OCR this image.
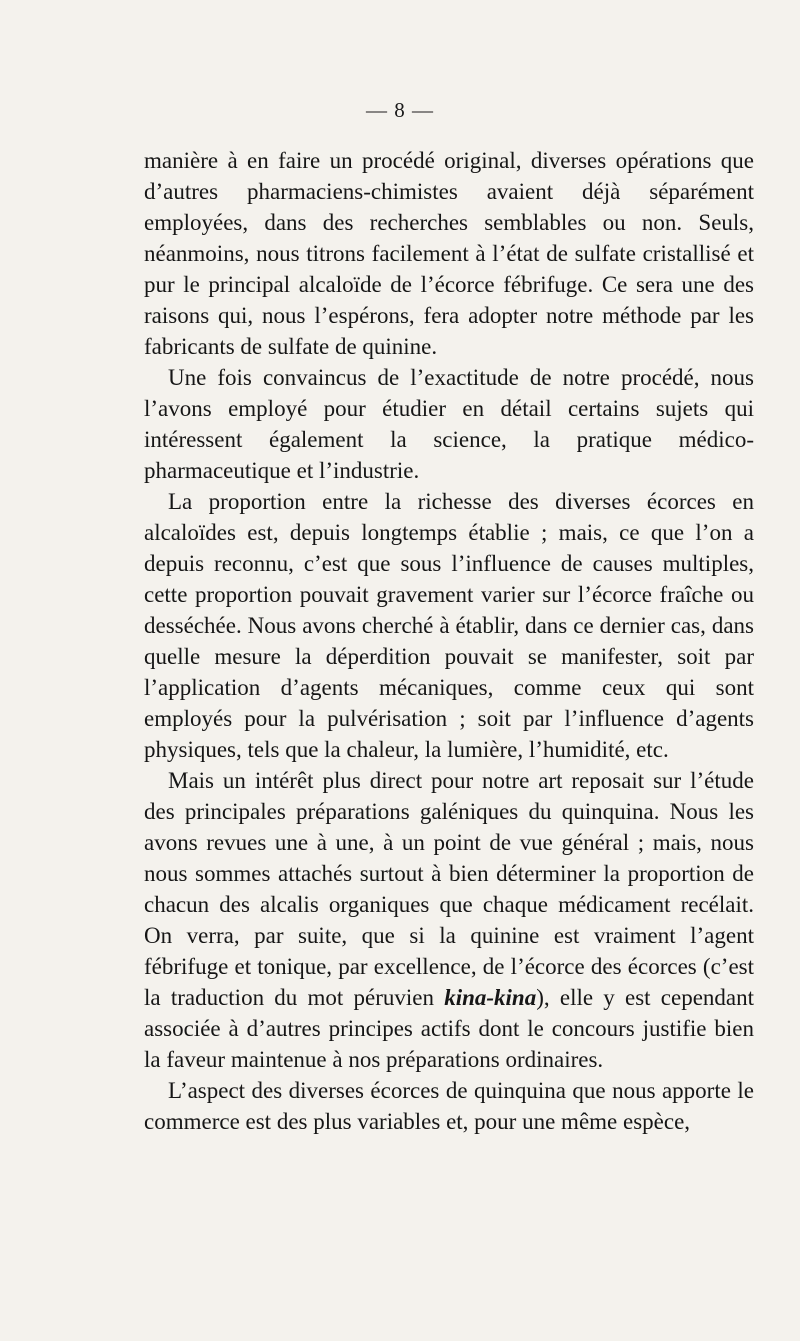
— 8 —

manière à en faire un procédé original, diverses opérations que d’autres pharmaciens-chimistes avaient déjà séparément employées, dans des recherches semblables ou non. Seuls, néanmoins, nous titrons facilement à l’état de sulfate cristallisé et pur le principal alcaloïde de l’écorce fébrifuge. Ce sera une des raisons qui, nous l’espérons, fera adopter notre méthode par les fabricants de sulfate de quinine.

Une fois convaincus de l’exactitude de notre procédé, nous l’avons employé pour étudier en détail certains sujets qui intéressent également la science, la pratique médico-pharmaceutique et l’industrie.

La proportion entre la richesse des diverses écorces en alcaloïdes est, depuis longtemps établie ; mais, ce que l’on a depuis reconnu, c’est que sous l’influence de causes multiples, cette proportion pouvait gravement varier sur l’écorce fraîche ou desséchée. Nous avons cherché à établir, dans ce dernier cas, dans quelle mesure la déperdition pouvait se manifester, soit par l’application d’agents mécaniques, comme ceux qui sont employés pour la pulvérisation ; soit par l’influence d’agents physiques, tels que la chaleur, la lumière, l’humidité, etc.

Mais un intérêt plus direct pour notre art reposait sur l’étude des principales préparations galéniques du quinquina. Nous les avons revues une à une, à un point de vue général ; mais, nous nous sommes attachés surtout à bien déterminer la proportion de chacun des alcalis organiques que chaque médicament recélait. On verra, par suite, que si la quinine est vraiment l’agent fébrifuge et tonique, par excellence, de l’écorce des écorces (c’est la traduction du mot péruvien kina-kina), elle y est cependant associée à d’autres principes actifs dont le concours justifie bien la faveur maintenue à nos préparations ordinaires.

L’aspect des diverses écorces de quinquina que nous apporte le commerce est des plus variables et, pour une même espèce,
